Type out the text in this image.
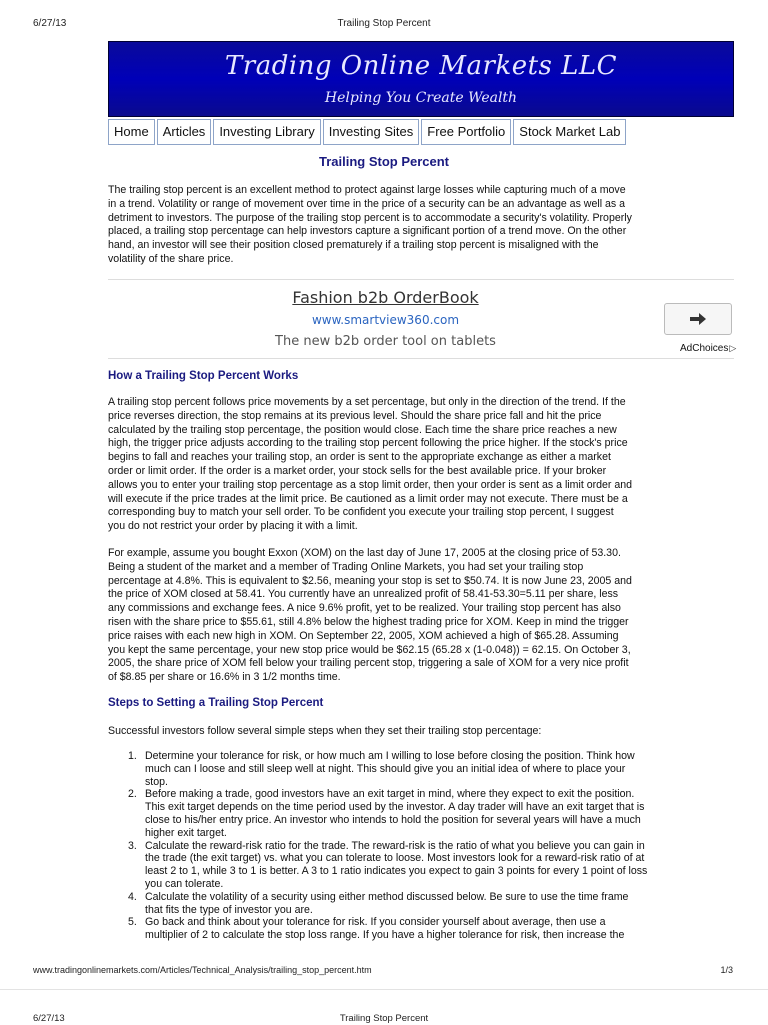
6/27/13	Trailing Stop Percent
Trading Online Markets LLC
Helping You Create Wealth
Home	Articles	Investing Library	Investing Sites	Free Portfolio	Stock Market Lab
Trailing Stop Percent
The trailing stop percent is an excellent method to protect against large losses while capturing much of a move in a trend. Volatility or range of movement over time in the price of a security can be an advantage as well as a detriment to investors. The purpose of the trailing stop percent is to accommodate a security's volatility. Properly placed, a trailing stop percentage can help investors capture a significant portion of a trend move. On the other hand, an investor will see their position closed prematurely if a trailing stop percent is misaligned with the volatility of the share price.
Fashion b2b OrderBook
www.smartview360.com
The new b2b order tool on tablets	AdChoices▷
How a Trailing Stop Percent Works
A trailing stop percent follows price movements by a set percentage, but only in the direction of the trend. If the price reverses direction, the stop remains at its previous level. Should the share price fall and hit the price calculated by the trailing stop percentage, the position would close. Each time the share price reaches a new high, the trigger price adjusts according to the trailing stop percent following the price higher. If the stock's price begins to fall and reaches your trailing stop, an order is sent to the appropriate exchange as either a market order or limit order. If the order is a market order, your stock sells for the best available price. If your broker allows you to enter your trailing stop percentage as a stop limit order, then your order is sent as a limit order and will execute if the price trades at the limit price. Be cautioned as a limit order may not execute. There must be a corresponding buy to match your sell order. To be confident you execute your trailing stop percent, I suggest you do not restrict your order by placing it with a limit.
For example, assume you bought Exxon (XOM) on the last day of June 17, 2005 at the closing price of 53.30. Being a student of the market and a member of Trading Online Markets, you had set your trailing stop percentage at 4.8%. This is equivalent to $2.56, meaning your stop is set to $50.74. It is now June 23, 2005 and the price of XOM closed at 58.41. You currently have an unrealized profit of 58.41-53.30=5.11 per share, less any commissions and exchange fees. A nice 9.6% profit, yet to be realized. Your trailing stop percent has also risen with the share price to $55.61, still 4.8% below the highest trading price for XOM. Keep in mind the trigger price raises with each new high in XOM. On September 22, 2005, XOM achieved a high of $65.28. Assuming you kept the same percentage, your new stop price would be $62.15 (65.28 x (1-0.048)) = 62.15. On October 3, 2005, the share price of XOM fell below your trailing percent stop, triggering a sale of XOM for a very nice profit of $8.85 per share or 16.6% in 3 1/2 months time.
Steps to Setting a Trailing Stop Percent
Successful investors follow several simple steps when they set their trailing stop percentage:
1. Determine your tolerance for risk, or how much am I willing to lose before closing the position. Think how much can I loose and still sleep well at night. This should give you an initial idea of where to place your stop.
2. Before making a trade, good investors have an exit target in mind, where they expect to exit the position. This exit target depends on the time period used by the investor. A day trader will have an exit target that is close to his/her entry price. An investor who intends to hold the position for several years will have a much higher exit target.
3. Calculate the reward-risk ratio for the trade. The reward-risk is the ratio of what you believe you can gain in the trade (the exit target) vs. what you can tolerate to loose. Most investors look for a reward-risk ratio of at least 2 to 1, while 3 to 1 is better. A 3 to 1 ratio indicates you expect to gain 3 points for every 1 point of loss you can tolerate.
4. Calculate the volatility of a security using either method discussed below. Be sure to use the time frame that fits the type of investor you are.
5. Go back and think about your tolerance for risk. If you consider yourself about average, then use a multiplier of 2 to calculate the stop loss range. If you have a higher tolerance for risk, then increase the
www.tradingonlinemarkets.com/Articles/Technical_Analysis/trailing_stop_percent.htm	1/3
6/27/13	Trailing Stop Percent
